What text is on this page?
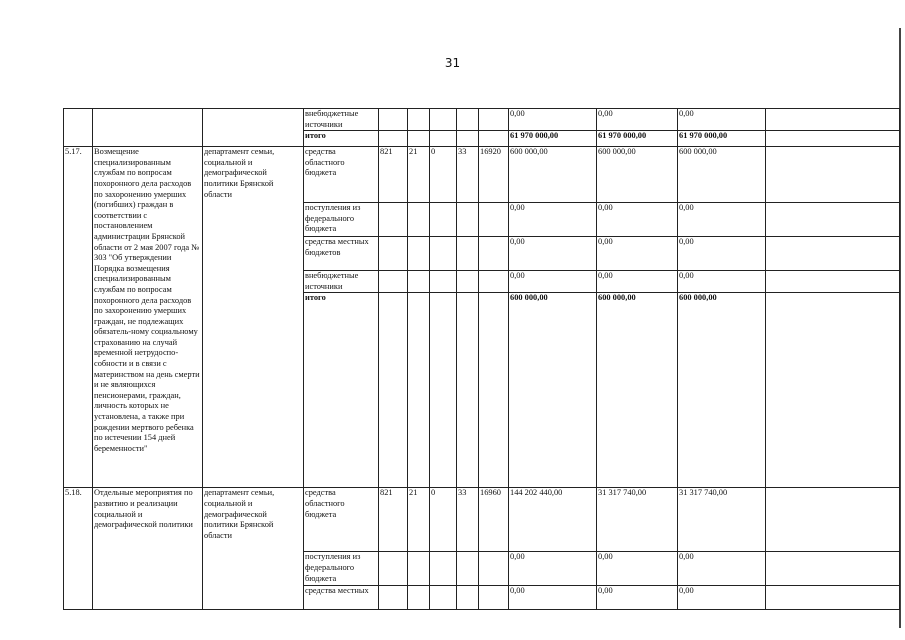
31
			внебюджетные источники						0,00	0,00	0,00	
			итого						61 970 000,00	61 970 000,00	61 970 000,00	
5.17.	Возмещение специализированным службам по вопросам похоронного дела расходов по захоронению умерших (погибших) граждан в соответствии с постановлением администрации Брянской области от 2 мая 2007 года № 303 "Об утверждении Порядка возмещения специализированным службам по вопросам похоронного дела расходов по захоронению умерших граждан, не подлежащих обязатель-ному социальному страхованию на случай временной нетрудоспо-собности и в связи с материнством на день смерти и не являющихся пенсионерами, граждан, личность которых не установлена, а также при рождении мертвого ребенка по истечении 154 дней беременности"	департамент семьи, социальной и демографической политики Брянской области	средства областного бюджета	821	21	0	33	16920	600 000,00	600 000,00	600 000,00	
			поступления из федерального бюджета						0,00	0,00	0,00	
			средства местных бюджетов						0,00	0,00	0,00	
			внебюджетные источники						0,00	0,00	0,00	
			итого						600 000,00	600 000,00	600 000,00	
5.18.	Отдельные мероприятия по развитию и реализации социальной и демографической политики	департамент семьи, социальной и демографической политики Брянской области	средства областного бюджета	821	21	0	33	16960	144 202 440,00	31 317 740,00	31 317 740,00	
			поступления из федерального бюджета						0,00	0,00	0,00	
			средства местных						0,00	0,00	0,00	
